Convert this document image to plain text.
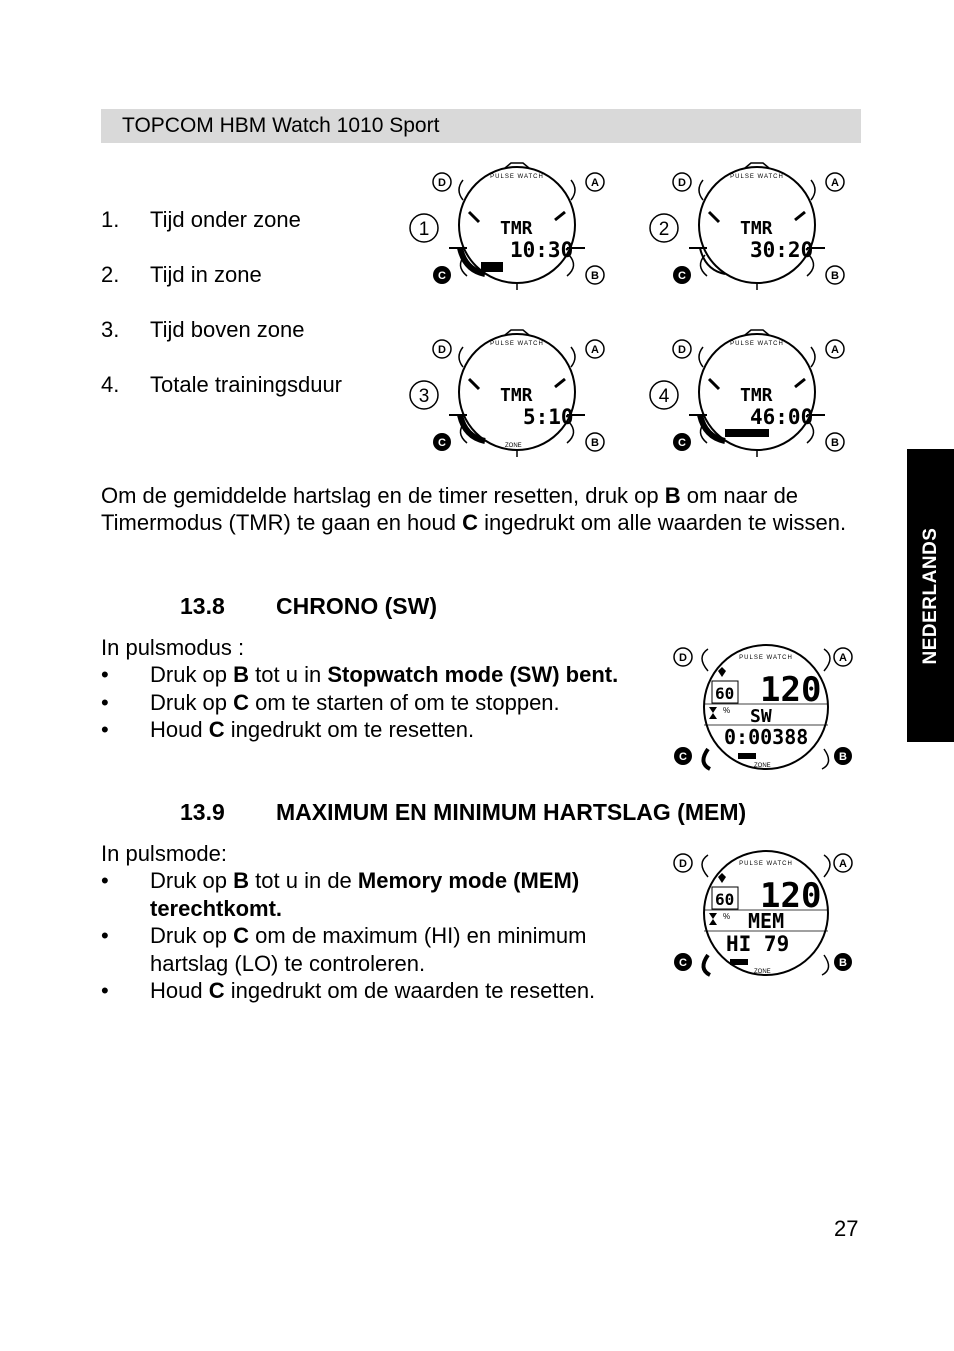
TOPCOM HBM Watch 1010 Sport
1. Tijd onder zone
2. Tijd in zone
3. Tijd boven zone
4. Totale trainingsduur
D	A
C	B
PULSE WATCH
1	TMR
10:30
D	A
C	B
PULSE WATCH
2	TMR
30:20
ZONE
D	A
C	B
PULSE WATCH
3	TMR
5:10
D	A
C	B
PULSE WATCH
4	TMR
46:00

Om de gemiddelde hartslag en de timer resetten, druk op B om naar de Timermodus (TMR) te gaan en houd C ingedrukt om alle waarden te wissen.

13.8 CHRONO (SW)
In pulsmodus :
• Druk op B tot u in Stopwatch mode (SW) bent.
• Druk op C om te starten of om te stoppen.
• Houd C ingedrukt om te resetten.
D	A
C	B
PULSE WATCH
60 120
% SW
0:00388
ZONE
13.9 MAXIMUM EN MINIMUM HARTSLAG (MEM)
In pulsmode:
• Druk op B tot u in de Memory mode (MEM) terechtkomt.
• Druk op C om de maximum (HI) en minimum hartslag (LO) te controleren.
• Houd C ingedrukt om de waarden te resetten.
D	A
C	B
PULSE WATCH
60 120
% MEM
HI 79
ZONE
NEDERLANDS
27
